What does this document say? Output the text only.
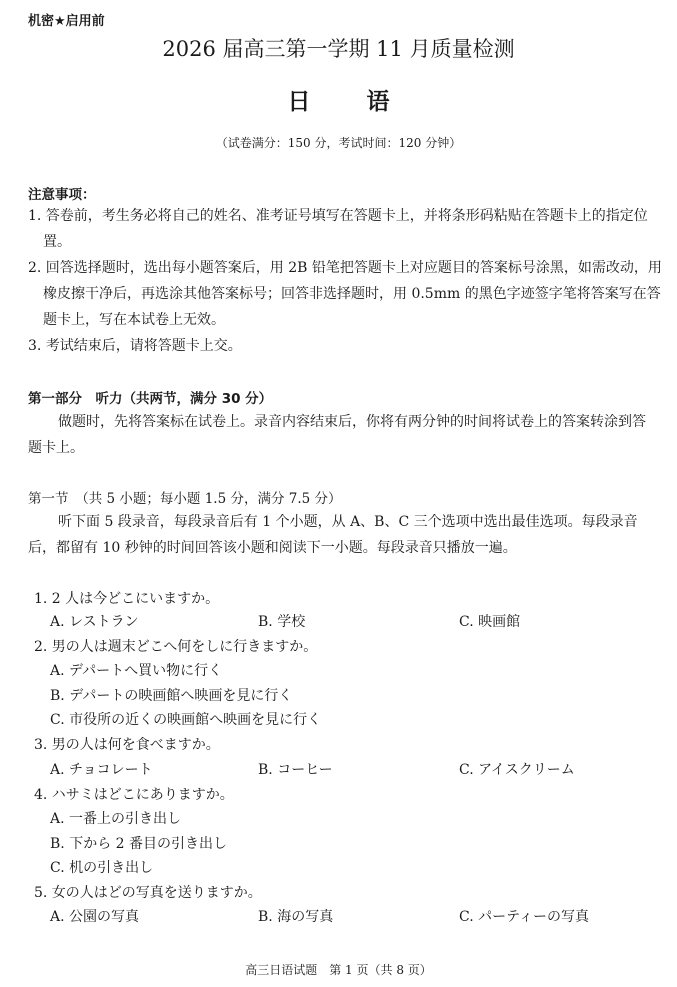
机密★启用前
2026 届高三第一学期 11 月质量检测
日语
（试卷满分：150 分，考试时间：120 分钟）
注意事项：
1. 答卷前，考生务必将自己的姓名、准考证号填写在答题卡上，并将条形码粘贴在答题卡上的指定位置。
2. 回答选择题时，选出每小题答案后，用 2B 铅笔把答题卡上对应题目的答案标号涂黑，如需改动，用橡皮擦干净后，再选涂其他答案标号；回答非选择题时，用 0.5mm 的黑色字迹签字笔将答案写在答题卡上，写在本试卷上无效。
3. 考试结束后，请将答题卡上交。
第一部分　听力（共两节，满分 30 分）
做题时，先将答案标在试卷上。录音内容结束后，你将有两分钟的时间将试卷上的答案转涂到答题卡上。
第一节　（共 5 小题；每小题 1.5 分，满分 7.5 分）
听下面 5 段录音，每段录音后有 1 个小题，从 A、B、C 三个选项中选出最佳选项。每段录音后，都留有 10 秒钟的时间回答该小题和阅读下一小题。每段录音只播放一遍。
1. 2 人は今どこにいますか。
A. レストラン	B. 学校	C. 映画館
2. 男の人は週末どこへ何をしに行きますか。
A. デパートへ買い物に行く
B. デパートの映画館へ映画を見に行く
C. 市役所の近くの映画館へ映画を見に行く
3. 男の人は何を食べますか。
A. チョコレート	B. コーヒー	C. アイスクリーム
4. ハサミはどこにありますか。
A. 一番上の引き出し
B. 下から 2 番目の引き出し
C. 机の引き出し
5. 女の人はどの写真を送りますか。
A. 公園の写真	B. 海の写真	C. パーティーの写真
高三日语试题　第 1 页（共 8 页）
